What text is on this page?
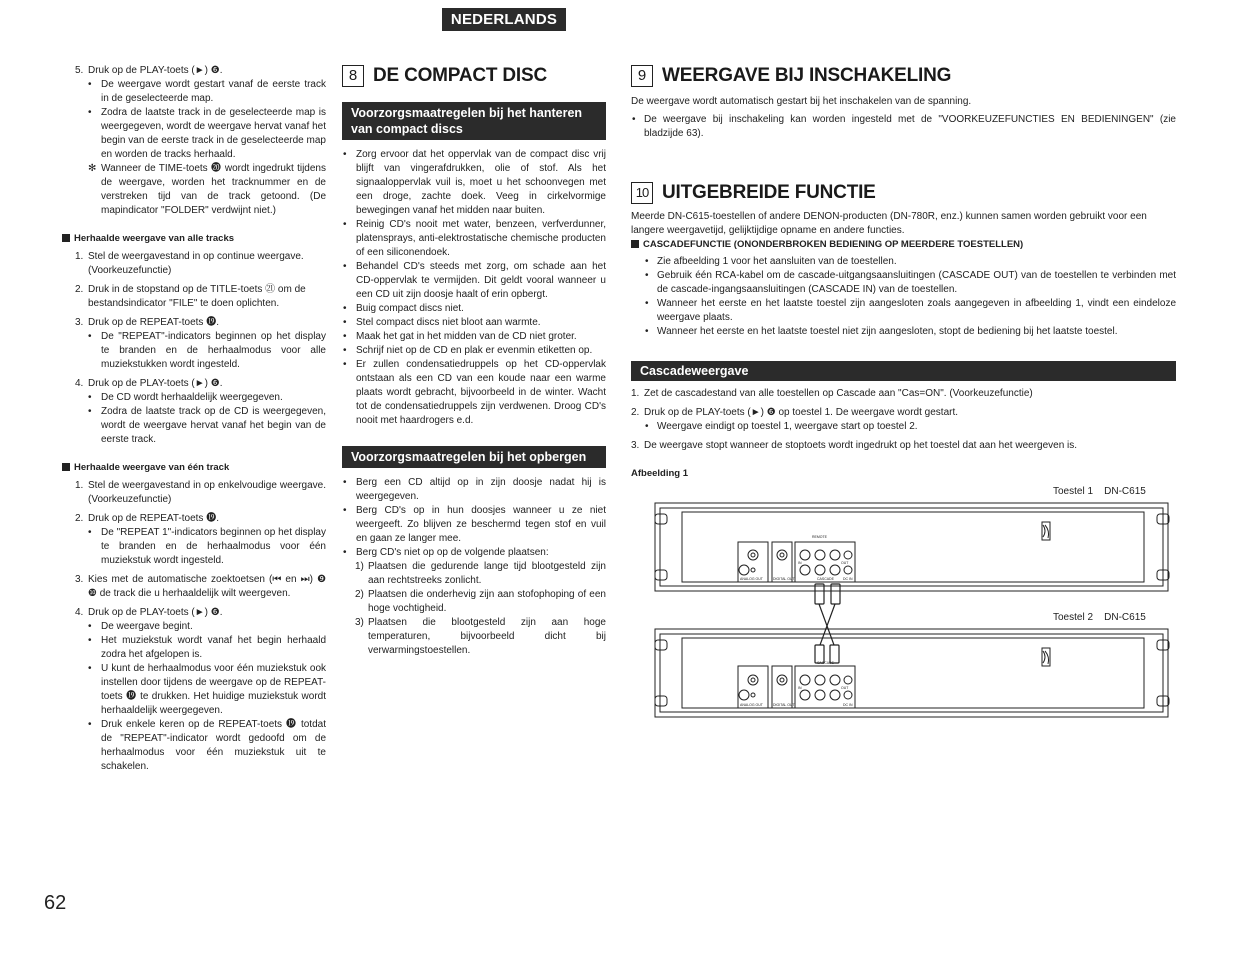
NEDERLANDS
5. Druk op de PLAY-toets (►) ❻.
• De weergave wordt gestart vanaf de eerste track in de geselecteerde map.
• Zodra de laatste track in de geselecteerde map is weergegeven, wordt de weergave hervat vanaf het begin van de eerste track in de geselecteerde map en worden de tracks herhaald.
✻ Wanneer de TIME-toets ⓴ wordt ingedrukt tijdens de weergave, worden het tracknummer en de verstreken tijd van de track getoond. (De mapindicator "FOLDER" verdwijnt niet.)
Herhaalde weergave van alle tracks
1. Stel de weergavestand in op continue weergave. (Voorkeuzefunctie)
2. Druk in de stopstand op de TITLE-toets ㉑ om de bestandsindicator "FILE" te doen oplichten.
3. Druk op de REPEAT-toets ⓳.
• De "REPEAT"-indicators beginnen op het display te branden en de herhaalmodus voor alle muziekstukken wordt ingesteld.
4. Druk op de PLAY-toets (►) ❻.
• De CD wordt herhaaldelijk weergegeven.
• Zodra de laatste track op de CD is weergegeven, wordt de weergave hervat vanaf het begin van de eerste track.
Herhaalde weergave van één track
1. Stel de weergavestand in op enkelvoudige weergave. (Voorkeuzefunctie)
2. Druk op de REPEAT-toets ⓳.
• De "REPEAT 1"-indicators beginnen op het display te branden en de herhaalmodus voor één muziekstuk wordt ingesteld.
3. Kies met de automatische zoektoetsen (⏮ en ⏭) ❾ ❿ de track die u herhaaldelijk wilt weergeven.
4. Druk op de PLAY-toets (►) ❻.
• De weergave begint.
• Het muziekstuk wordt vanaf het begin herhaald zodra het afgelopen is.
• U kunt de herhaalmodus voor één muziekstuk ook instellen door tijdens de weergave op de REPEAT-toets ⓳ te drukken. Het huidige muziekstuk wordt herhaaldelijk weergegeven.
• Druk enkele keren op de REPEAT-toets ⓳ totdat de "REPEAT"-indicator wordt gedoofd om de herhaalmodus voor één muziekstuk uit te schakelen.
8 DE COMPACT DISC
Voorzorgsmaatregelen bij het hanteren van compact discs
• Zorg ervoor dat het oppervlak van de compact disc vrij blijft van vingerafdrukken, olie of stof. Als het signaaloppervlak vuil is, moet u het schoonvegen met een droge, zachte doek. Veeg in cirkelvormige bewegingen vanaf het midden naar buiten.
• Reinig CD's nooit met water, benzeen, verfverdunner, platensprays, anti-elektrostatische chemische producten of een siliconendoek.
• Behandel CD's steeds met zorg, om schade aan het CD-oppervlak te vermijden. Dit geldt vooral wanneer u een CD uit zijn doosje haalt of erin opbergt.
• Buig compact discs niet.
• Stel compact discs niet bloot aan warmte.
• Maak het gat in het midden van de CD niet groter.
• Schrijf niet op de CD en plak er evenmin etiketten op.
• Er zullen condensatiedruppels op het CD-oppervlak ontstaan als een CD van een koude naar een warme plaats wordt gebracht, bijvoorbeeld in de winter. Wacht tot de condensatiedruppels zijn verdwenen. Droog CD's nooit met haardrogers e.d.
Voorzorgsmaatregelen bij het opbergen
• Berg een CD altijd op in zijn doosje nadat hij is weergegeven.
• Berg CD's op in hun doosjes wanneer u ze niet weergeeft. Zo blijven ze beschermd tegen stof en vuil en gaan ze langer mee.
• Berg CD's niet op op de volgende plaatsen:
1) Plaatsen die gedurende lange tijd blootgesteld zijn aan rechtstreeks zonlicht.
2) Plaatsen die onderhevig zijn aan stofophoping of een hoge vochtigheid.
3) Plaatsen die blootgesteld zijn aan hoge temperaturen, bijvoorbeeld dicht bij verwarmingstoestellen.
9 WEERGAVE BIJ INSCHAKELING
De weergave wordt automatisch gestart bij het inschakelen van de spanning.
• De weergave bij inschakeling kan worden ingesteld met de "VOORKEUZEFUNCTIES EN BEDIENINGEN" (zie bladzijde 63).
10 UITGEBREIDE FUNCTIE
Meerde DN-C615-toestellen of andere DENON-producten (DN-780R, enz.) kunnen samen worden gebruikt voor een langere weergavetijd, gelijktijdige opname en andere functies.
CASCADEFUNCTIE (ONONDERBROKEN BEDIENING OP MEERDERE TOESTELLEN)
• Zie afbeelding 1 voor het aansluiten van de toestellen.
• Gebruik één RCA-kabel om de cascade-uitgangsaansluitingen (CASCADE OUT) van de toestellen te verbinden met de cascade-ingangsaansluitingen (CASCADE IN) van de toestellen.
• Wanneer het eerste en het laatste toestel zijn aangesloten zoals aangegeven in afbeelding 1, vindt een eindeloze weergave plaats.
• Wanneer het eerste en het laatste toestel niet zijn aangesloten, stopt de bediening bij het laatste toestel.
Cascadeweergave
1. Zet de cascadestand van alle toestellen op Cascade aan "Cas=ON". (Voorkeuzefunctie)
2. Druk op de PLAY-toets (►) ❻ op toestel 1. De weergave wordt gestart.
• Weergave eindigt op toestel 1, weergave start op toestel 2.
3. De weergave stopt wanneer de stoptoets wordt ingedrukt op het toestel dat aan het weergeven is.
Afbeelding 1
Toestel 1    DN-C615
Toestel 2    DN-C615
REMOTE
CASCADE
ANALOG OUT	DIGITAL OUT
IN	OUT
DC IN
CASCADE
ANALOG OUT	DIGITAL OUT
IN	OUT
DC IN
62
